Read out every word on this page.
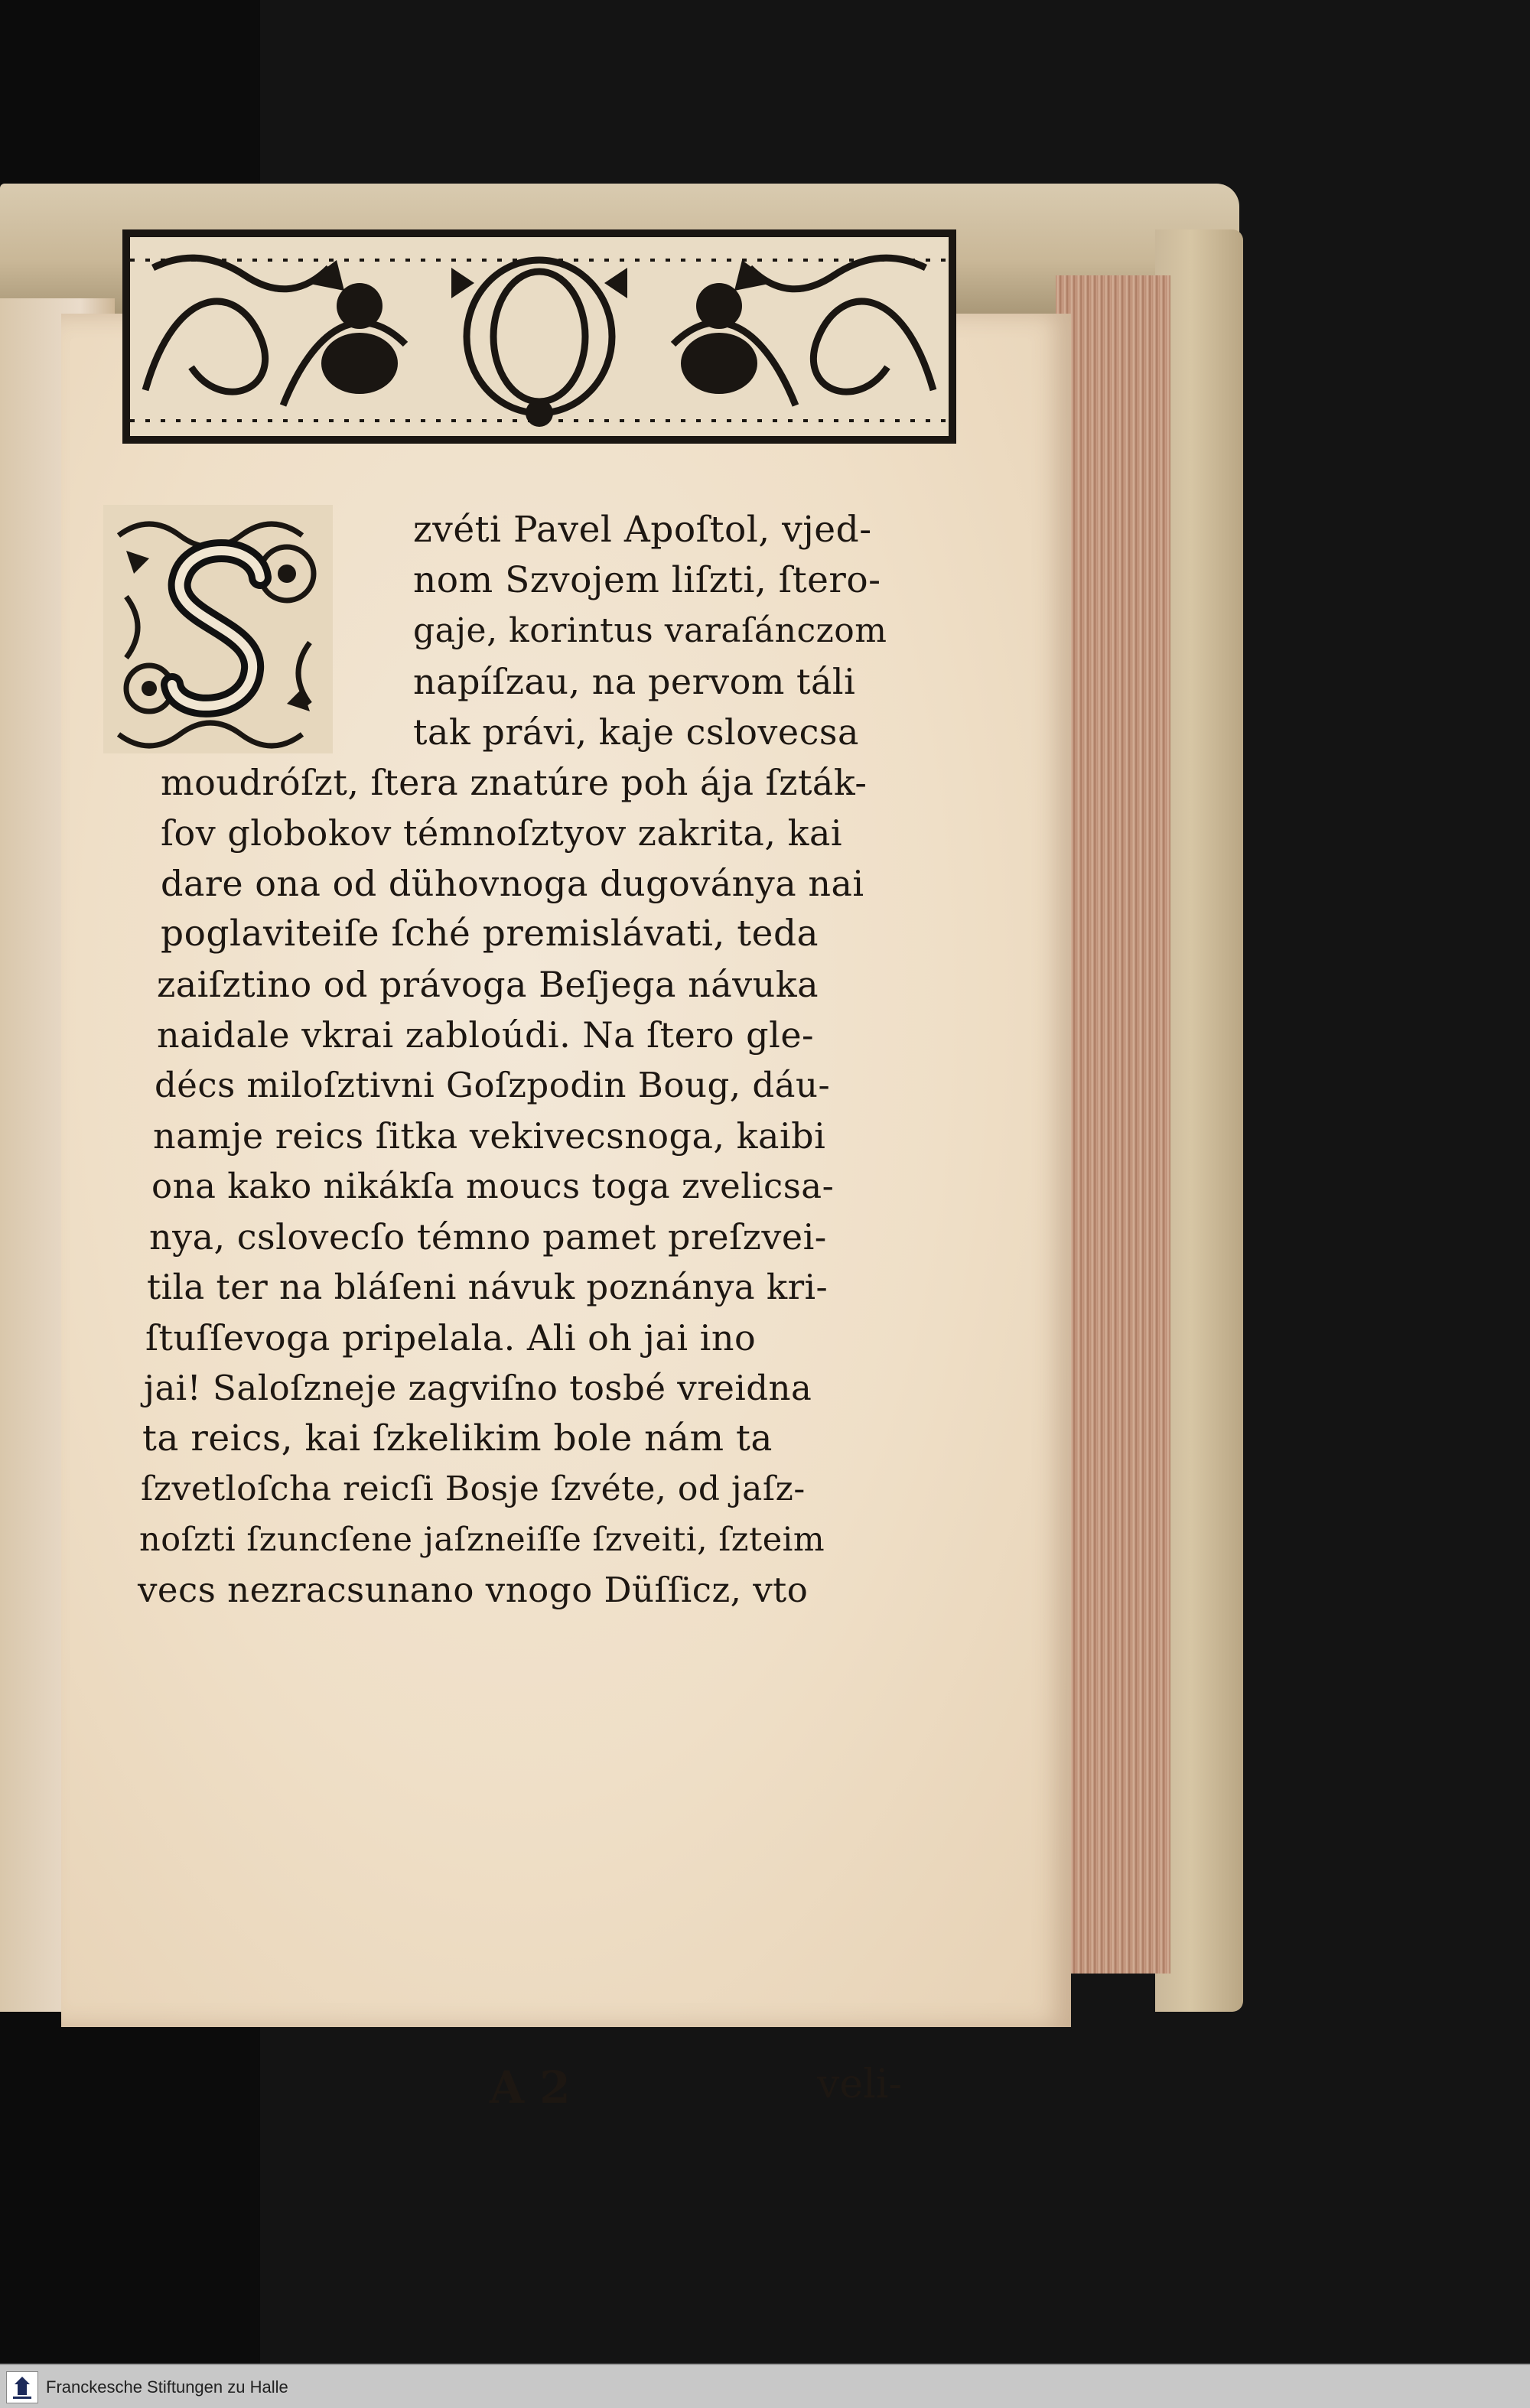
zvéti Pavel Apoſtol, vjed-
nom Szvojem liſzti, ſtero-
gaje, korintus varaſánczom
napíſzau, na pervom táli
tak právi, kaje cslovecsa
moudróſzt, ſtera znatúre poh ája ſzták-
ſov globokov témnoſztyov zakrita, kai
dare ona od dühovnoga dugoványa nai
poglaviteiſe ſché premislávati, teda
zaiſztino od právoga Beſjega návuka
naidale vkrai zabloúdi. Na ſtero gle-
décs miloſztivni Goſzpodin Boug, dáu-
namje reics ſitka vekivecsnoga, kaibi
ona kako nikákſa moucs toga zvelicsa-
nya, cslovecſo témno pamet preſzvei-
tila ter na bláſeni návuk poznánya kri-
ſtuſſevoga pripelala. Ali oh jai ino
jai! Saloſzneje zagviſno tosbé vreidna
ta reics, kai ſzkelikim bole nám ta
ſzvetloſcha reicſi Bosje ſzvéte, od jaſz-
noſzti ſzuncſene jaſzneiſſe ſzveiti, ſzteim
vecs nezracsunano vnogo Düſſicz, vto
A 2	veli-
Franckesche Stiftungen zu Halle
